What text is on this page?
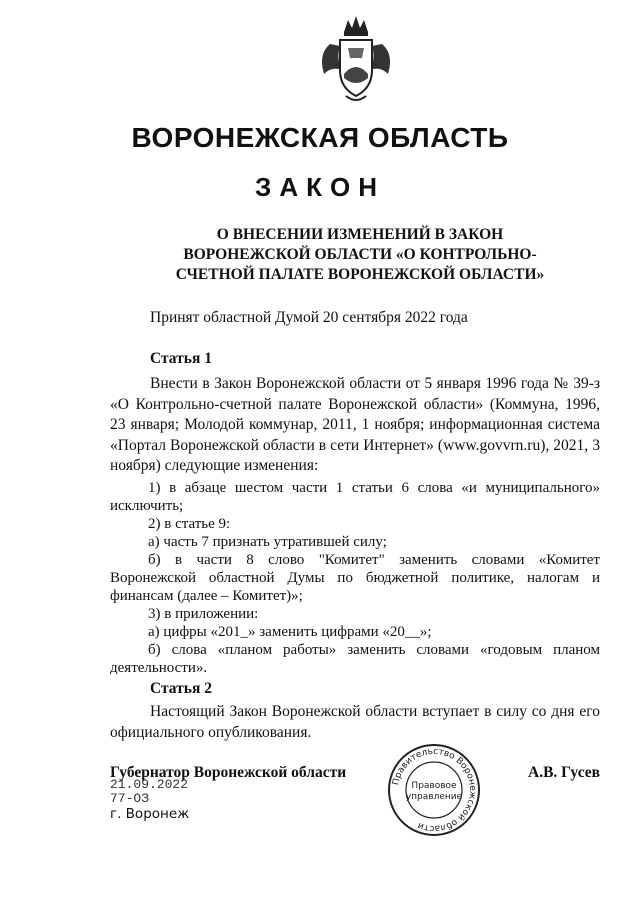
ВОРОНЕЖСКАЯ ОБЛАСТЬ
ЗАКОН
О ВНЕСЕНИИ ИЗМЕНЕНИЙ В ЗАКОН
ВОРОНЕЖСКОЙ ОБЛАСТИ «О КОНТРОЛЬНО-
СЧЕТНОЙ ПАЛАТЕ ВОРОНЕЖСКОЙ ОБЛАСТИ»
Принят областной Думой 20 сентября 2022 года
Статья 1

Внести в Закон Воронежской области от 5 января 1996 года № 39-з «О Контрольно-счетной палате Воронежской области» (Коммуна, 1996, 23 января; Молодой коммунар, 2011, 1 ноября; информационная система «Портал Воронежской области в сети Интернет» (www.govvrn.ru), 2021, 3 ноября) следующие изменения:

1) в абзаце шестом части 1 статьи 6 слова «и муниципального» исключить;

2) в статье 9:

а) часть 7 признать утратившей силу;

б) в части 8 слово "Комитет" заменить словами «Комитет Воронежской областной Думы по бюджетной политике, налогам и финансам (далее – Комитет)»;

3) в приложении:

а) цифры «201_» заменить цифрами «20__»;

б) слова «планом работы» заменить словами «годовым планом деятельности».

Статья 2

Настоящий Закон Воронежской области вступает в силу со дня его официального опубликования.

Губернатор Воронежской области	А.В. Гусев
21.09.2022
77-ОЗ
г. Воронеж
Правительство Воронежской области
Правовое
управление
